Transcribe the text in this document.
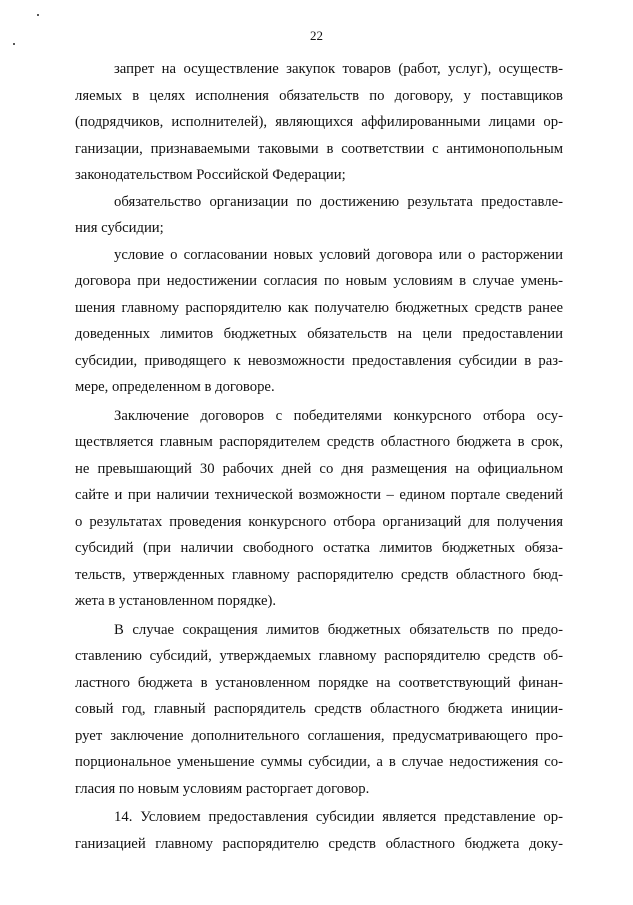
22
запрет на осуществление закупок товаров (работ, услуг), осуществ-
ляемых в целях исполнения обязательств по договору, у поставщиков
(подрядчиков, исполнителей), являющихся аффилированными лицами ор-
ганизации, признаваемыми таковыми в соответствии с антимонопольным
законодательством Российской Федерации;
обязательство организации по достижению результата предоставле-
ния субсидии;
условие о согласовании новых условий договора или о расторжении
договора при недостижении согласия по новым условиям в случае умень-
шения главному распорядителю как получателю бюджетных средств ранее
доведенных лимитов бюджетных обязательств на цели предоставлении
субсидии, приводящего к невозможности предоставления субсидии в раз-
мере, определенном в договоре.
Заключение договоров с победителями конкурсного отбора осу-
ществляется главным распорядителем средств областного бюджета в срок,
не превышающий 30 рабочих дней со дня размещения на официальном
сайте и при наличии технической возможности – едином портале сведений
о результатах проведения конкурсного отбора организаций для получения
субсидий (при наличии свободного остатка лимитов бюджетных обяза-
тельств, утвержденных главному распорядителю средств областного бюд-
жета в установленном порядке).
В случае сокращения лимитов бюджетных обязательств по предо-
ставлению субсидий, утверждаемых главному распорядителю средств об-
ластного бюджета в установленном порядке на соответствующий финан-
совый год, главный распорядитель средств областного бюджета иниции-
рует заключение дополнительного соглашения, предусматривающего про-
порциональное уменьшение суммы субсидии, а в случае недостижения со-
гласия по новым условиям расторгает договор.
14. Условием предоставления субсидии является представление ор-
ганизацией главному распорядителю средств областного бюджета доку-
